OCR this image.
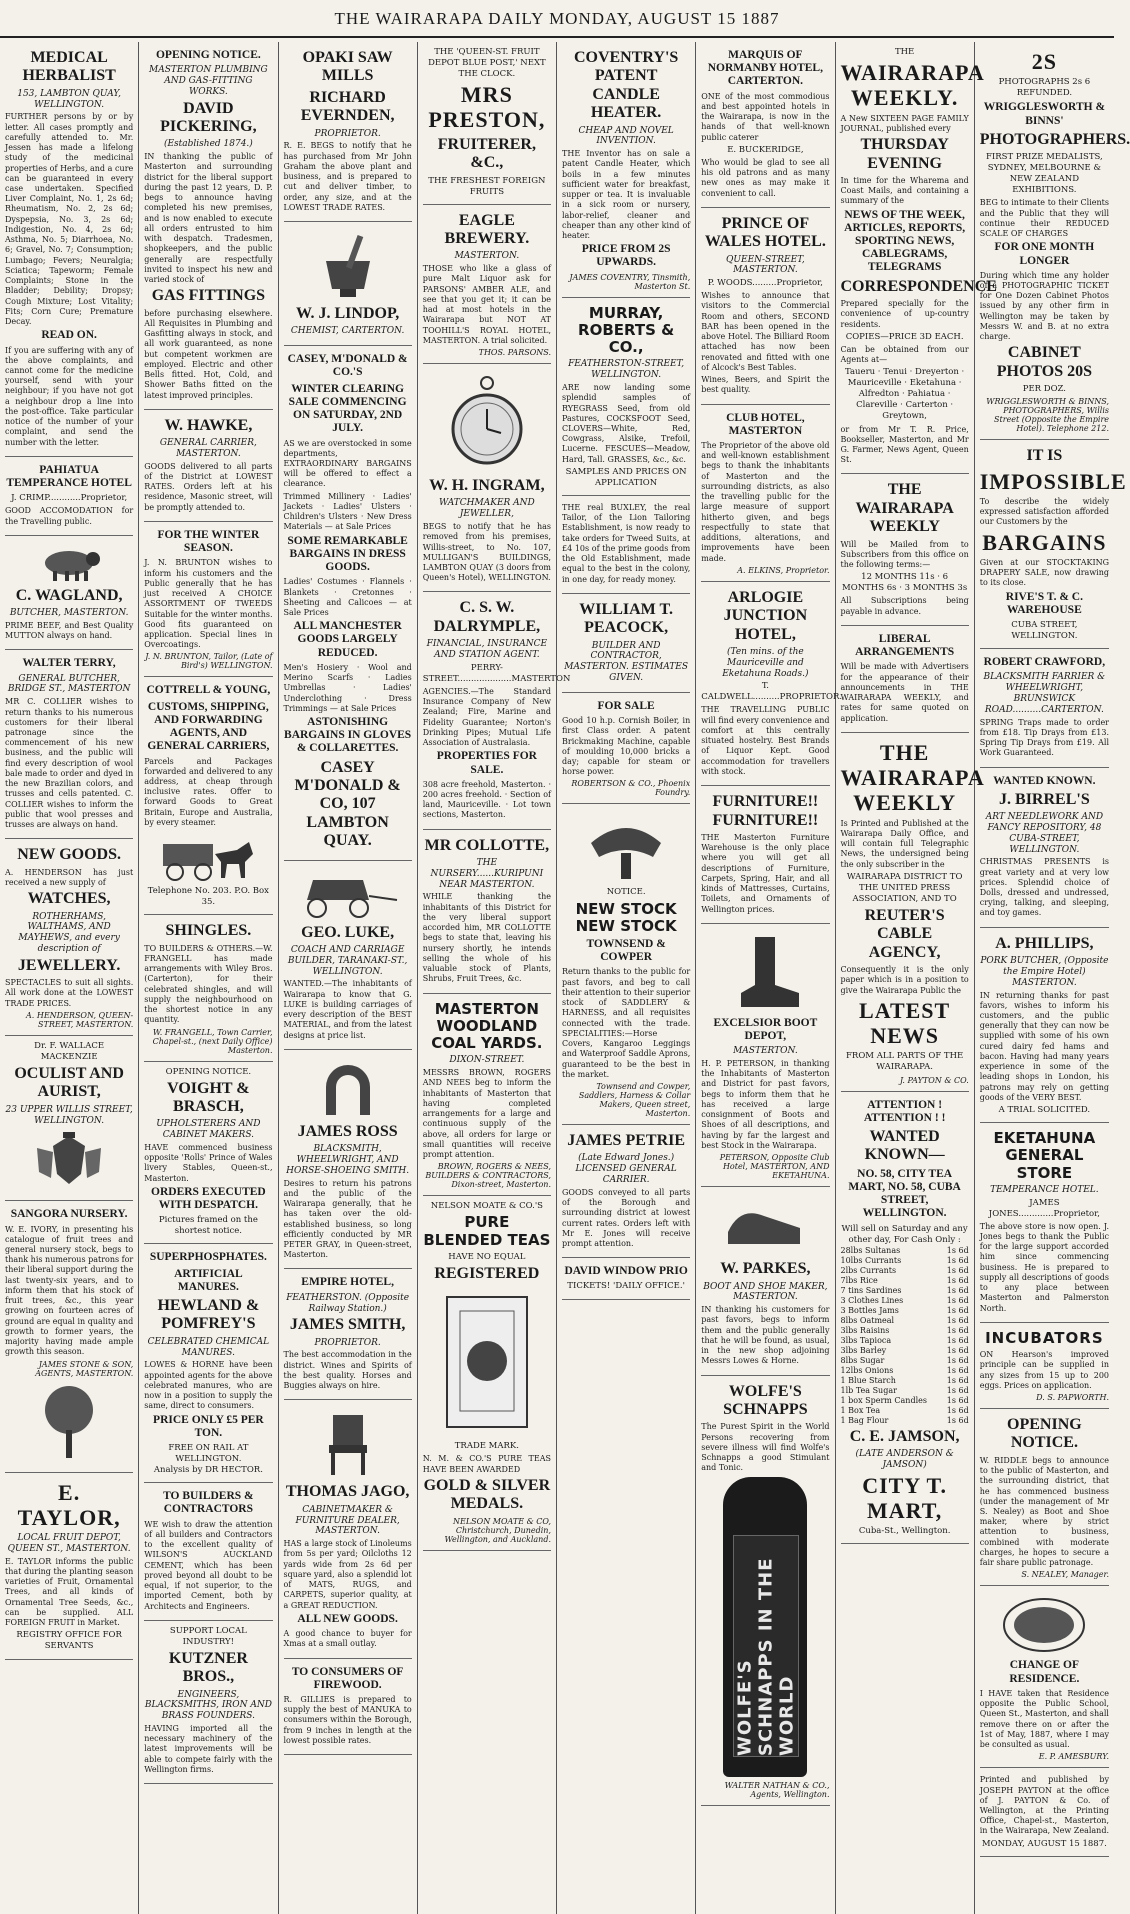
THE WAIRARAPA DAILY MONDAY, AUGUST 15 1887
MEDICAL HERBALIST
153, LAMBTON QUAY, WELLINGTON.
FURTHER persons by or by letter. All cases promptly and carefully attended to. Mr. Jessen has made a lifelong study of the medicinal properties of Herbs, and a cure can be guaranteed in every case undertaken. Specified Liver Complaint, No. 1, 2s 6d; Rheumatism, No. 2, 2s 6d; Dyspepsia, No. 3, 2s 6d; Indigestion, No. 4, 2s 6d; Asthma, No. 5; Diarrhoea, No. 6; Gravel, No. 7; Consumption; Lumbago; Fevers; Neuralgia; Sciatica; Tapeworm; Female Complaints; Stone in the Bladder; Debility; Dropsy; Cough Mixture; Lost Vitality; Fits; Corn Cure; Premature Decay.
READ ON.
If you are suffering with any of the above complaints, and cannot come for the medicine yourself, send with your neighbour; if you have not got a neighbour drop a line into the post-office. Take particular notice of the number of your complaint, and send the number with the letter.
PAHIATUA TEMPERANCE HOTEL
J. CRIMP............Proprietor,
GOOD ACCOMODATION for the Travelling public.
C. WAGLAND,
BUTCHER, MASTERTON.
PRIME BEEF, and Best Quality MUTTON always on hand.
WALTER TERRY,
GENERAL BUTCHER, BRIDGE ST., MASTERTON
MR C. COLLIER wishes to return thanks to his numerous customers for their liberal patronage since the commencement of his new business, and the public will find every description of wool bale made to order and dyed in the new Brazilian colors, and trusses and cells patented. C. COLLIER wishes to inform the public that wool presses and trusses are always on hand.
NEW GOODS.
A. HENDERSON has just received a new supply of
WATCHES,
ROTHERHAMS, WALTHAMS, AND MAYHEWS, and every description of
JEWELLERY.
SPECTACLES to suit all sights. All work done at the LOWEST TRADE PRICES.
A. HENDERSON, QUEEN-STREET, MASTERTON.
Dr. F. WALLACE MACKENZIE
OCULIST AND AURIST,
23 UPPER WILLIS STREET, WELLINGTON.
SANGORA NURSERY.
W. E. IVORY, in presenting his catalogue of fruit trees and general nursery stock, begs to thank his numerous patrons for their liberal support during the last twenty-six years, and to inform them that his stock of fruit trees, &c., this year growing on fourteen acres of ground are equal in quality and growth to former years, the majority having made ample growth this season.
JAMES STONE & SON, AGENTS, MASTERTON.
E. TAYLOR,
LOCAL FRUIT DEPOT, QUEEN ST., MASTERTON.
E. TAYLOR informs the public that during the planting season varieties of Fruit, Ornamental Trees, and all kinds of Ornamental Tree Seeds, &c., can be supplied. ALL FOREIGN FRUIT in Market.
REGISTRY OFFICE FOR SERVANTS
OPENING NOTICE.
MASTERTON PLUMBING AND GAS-FITTING WORKS.
DAVID PICKERING,
(Established 1874.)
IN thanking the public of Masterton and surrounding district for the liberal support during the past 12 years, D. P. begs to announce having completed his new premises, and is now enabled to execute all orders entrusted to him with despatch. Tradesmen, shopkeepers, and the public generally are respectfully invited to inspect his new and varied stock of
GAS FITTINGS
before purchasing elsewhere. All Requisites in Plumbing and Gasfitting always in stock, and all work guaranteed, as none but competent workmen are employed. Electric and other Bells fitted. Hot, Cold, and Shower Baths fitted on the latest improved principles.
W. HAWKE,
GENERAL CARRIER, MASTERTON.
GOODS delivered to all parts of the District at LOWEST RATES. Orders left at his residence, Masonic street, will be promptly attended to.
FOR THE WINTER SEASON.
J. N. BRUNTON wishes to inform his customers and the Public generally that he has just received A CHOICE ASSORTMENT OF TWEEDS Suitable for the winter months. Good fits guaranteed on application. Special lines in Overcoatings.
J. N. BRUNTON, Tailor, (Late of Bird's) WELLINGTON.
COTTRELL & YOUNG,
CUSTOMS, SHIPPING, AND FORWARDING AGENTS, AND GENERAL CARRIERS,
Parcels and Packages forwarded and delivered to any address, at cheap through inclusive rates. Offer to forward Goods to Great Britain, Europe and Australia, by every steamer.
Telephone No. 203. P.O. Box 35.
SHINGLES.
TO BUILDERS & OTHERS.—W. FRANGELL has made arrangements with Wiley Bros. (Carterton), for their celebrated shingles, and will supply the neighbourhood on the shortest notice in any quantity.
W. FRANGELL, Town Carrier, Chapel-st., (next Daily Office) Masterton.
OPENING NOTICE.
VOIGHT & BRASCH,
UPHOLSTERERS AND CABINET MAKERS.
HAVE commenced business opposite 'Rolls' Prince of Wales livery Stables, Queen-st., Masterton.
ORDERS EXECUTED WITH DESPATCH.
Pictures framed on the shortest notice.
SUPERPHOSPHATES.
ARTIFICIAL MANURES.
HEWLAND & POMFREY'S
CELEBRATED CHEMICAL MANURES.
LOWES & HORNE have been appointed agents for the above celebrated manures, who are now in a position to supply the same, direct to consumers.
PRICE ONLY £5 PER TON.
FREE ON RAIL AT WELLINGTON.
Analysis by DR HECTOR.
TO BUILDERS & CONTRACTORS
WE wish to draw the attention of all builders and Contractors to the excellent quality of WILSON'S AUCKLAND CEMENT, which has been proved beyond all doubt to be equal, if not superior, to the imported Cement, both by Architects and Engineers.
SUPPORT LOCAL INDUSTRY!
KUTZNER BROS.,
ENGINEERS, BLACKSMITHS, IRON AND BRASS FOUNDERS.
HAVING imported all the necessary machinery of the latest improvements will be able to compete fairly with the Wellington firms.
OPAKI SAW MILLS
RICHARD EVERNDEN,
PROPRIETOR.
R. E. BEGS to notify that he has purchased from Mr John Graham the above plant and business, and is prepared to cut and deliver timber, to order, any size, and at the LOWEST TRADE RATES.
W. J. LINDOP,
CHEMIST, CARTERTON.
CASEY, M'DONALD & CO.'S
WINTER CLEARING SALE COMMENCING ON SATURDAY, 2ND JULY.
AS we are overstocked in some departments, EXTRAORDINARY BARGAINS will be offered to effect a clearance.
Trimmed Millinery · Ladies' Jackets · Ladies' Ulsters · Children's Ulsters · New Dress Materials — at Sale Prices
SOME REMARKABLE BARGAINS IN DRESS GOODS.
Ladies' Costumes · Flannels · Blankets · Cretonnes · Sheeting and Calicoes — at Sale Prices
ALL MANCHESTER GOODS LARGELY REDUCED.
Men's Hosiery · Wool and Merino Scarfs · Ladies Umbrellas · Ladies' Underclothing · Dress Trimmings — at Sale Prices
ASTONISHING BARGAINS IN GLOVES & COLLARETTES.
CASEY M'DONALD & CO, 107 LAMBTON QUAY.
GEO. LUKE,
COACH AND CARRIAGE BUILDER, TARANAKI-ST., WELLINGTON.
WANTED.—The inhabitants of Wairarapa to know that G. LUKE is building carriages of every description of the BEST MATERIAL, and from the latest designs at price list.
JAMES ROSS
BLACKSMITH, WHEELWRIGHT, AND HORSE-SHOEING SMITH.
Desires to return his patrons and the public of the Wairarapa generally, that he has taken over the old-established business, so long efficiently conducted by MR PETER GRAY, in Queen-street, Masterton.
EMPIRE HOTEL,
FEATHERSTON. (Opposite Railway Station.)
JAMES SMITH,
PROPRIETOR.
The best accommodation in the district. Wines and Spirits of the best quality. Horses and Buggies always on hire.
THOMAS JAGO,
CABINETMAKER & FURNITURE DEALER, MASTERTON.
HAS a large stock of Linoleums from 5s per yard; Oilcloths 12 yards wide from 2s 6d per square yard, also a splendid lot of MATS, RUGS, and CARPETS, superior quality, at a GREAT REDUCTION.
ALL NEW GOODS.
A good chance to buyer for Xmas at a small outlay.
TO CONSUMERS OF FIREWOOD.
R. GILLIES is prepared to supply the best of MANUKA to consumers within the Borough, from 9 inches in length at the lowest possible rates.
THE 'QUEEN-ST. FRUIT DEPOT BLUE POST,' NEXT THE CLOCK.
MRS PRESTON,
FRUITERER, &C.,
THE FRESHEST FOREIGN FRUITS
EAGLE BREWERY.
MASTERTON.
THOSE who like a glass of pure Malt Liquor ask for PARSONS' AMBER ALE, and see that you get it; it can be had at most hotels in the Wairarapa but NOT AT TOOHILL'S ROYAL HOTEL, MASTERTON. A trial solicited.
THOS. PARSONS.
W. H. INGRAM,
WATCHMAKER AND JEWELLER,
BEGS to notify that he has removed from his premises, Willis-street, to No. 107, MULLIGAN'S BUILDINGS, LAMBTON QUAY (3 doors from Queen's Hotel), WELLINGTON.
C. S. W. DALRYMPLE,
FINANCIAL, INSURANCE AND STATION AGENT.
PERRY-STREET....................MASTERTON
AGENCIES.—The Standard Insurance Company of New Zealand; Fire, Marine and Fidelity Guarantee; Norton's Drinking Pipes; Mutual Life Association of Australasia.
PROPERTIES FOR SALE.
308 acre freehold, Masterton. · 200 acres freehold. · Section of land, Mauriceville. · Lot town sections, Masterton.
MR COLLOTTE,
THE NURSERY......KURIPUNI NEAR MASTERTON.
WHILE thanking the inhabitants of this District for the very liberal support accorded him, MR COLLOTTE begs to state that, leaving his nursery shortly, he intends selling the whole of his valuable stock of Plants, Shrubs, Fruit Trees, &c.
MASTERTON WOODLAND COAL YARDS.
DIXON-STREET.
MESSRS BROWN, ROGERS AND NEES beg to inform the inhabitants of Masterton that having completed arrangements for a large and continuous supply of the above, all orders for large or small quantities will receive prompt attention.
BROWN, ROGERS & NEES, BUILDERS & CONTRACTORS, Dixon-street, Masterton.
NELSON MOATE & CO.'S
PURE BLENDED TEAS
HAVE NO EQUAL
REGISTERED
TRADE MARK.
N. M. & CO.'S PURE TEAS HAVE BEEN AWARDED
GOLD & SILVER MEDALS.
NELSON MOATE & CO, Christchurch, Dunedin, Wellington, and Auckland.
COVENTRY'S PATENT CANDLE HEATER.
CHEAP AND NOVEL INVENTION.
THE Inventor has on sale a patent Candle Heater, which boils in a few minutes sufficient water for breakfast, supper or tea. It is invaluable in a sick room or nursery, labor-relief, cleaner and cheaper than any other kind of heater.
PRICE FROM 2S UPWARDS.
JAMES COVENTRY, Tinsmith, Masterton St.
MURRAY, ROBERTS & CO.,
FEATHERSTON-STREET, WELLINGTON.
ARE now landing some splendid samples of RYEGRASS Seed, from old Pastures, COCKSFOOT Seed, CLOVERS—White, Red, Cowgrass, Alsike, Trefoil, Lucerne. FESCUES—Meadow, Hard, Tall. GRASSES, &c., &c.
SAMPLES AND PRICES ON APPLICATION
THE real BUXLEY, the real Tailor, of the Lion Tailoring Establishment, is now ready to take orders for Tweed Suits, at £4 10s of the prime goods from the Old Establishment, made equal to the best in the colony, in one day, for ready money.
WILLIAM T. PEACOCK,
BUILDER AND CONTRACTOR, MASTERTON. ESTIMATES GIVEN.
FOR SALE
Good 10 h.p. Cornish Boiler, in first Class order. A patent Brickmaking Machine, capable of moulding 10,000 bricks a day; capable for steam or horse power.
ROBERTSON & CO., Phoenix Foundry.
NOTICE.
NEW STOCK NEW STOCK
TOWNSEND & COWPER
Return thanks to the public for past favors, and beg to call their attention to their superior stock of SADDLERY & HARNESS, and all requisites connected with the trade. SPECIALITIES:—Horse Covers, Kangaroo Leggings and Waterproof Saddle Aprons, guaranteed to be the best in the market.
Townsend and Cowper, Saddlers, Harness & Collar Makers, Queen street, Masterton.
JAMES PETRIE
(Late Edward Jones.) LICENSED GENERAL CARRIER.
GOODS conveyed to all parts of the Borough and surrounding district at lowest current rates. Orders left with Mr E. Jones will receive prompt attention.
DAVID WINDOW PRIO
TICKETS! 'DAILY OFFICE.'
MARQUIS OF NORMANBY HOTEL, CARTERTON.
ONE of the most commodious and best appointed hotels in the Wairarapa, is now in the hands of that well-known public caterer
E. BUCKERIDGE,
Who would be glad to see all his old patrons and as many new ones as may make it convenient to call.
PRINCE OF WALES HOTEL.
QUEEN-STREET, MASTERTON.
P. WOODS.........Proprietor,
Wishes to announce that visitors to the Commercial Room and others, SECOND BAR has been opened in the above Hotel. The Billiard Room attached has now been renovated and fitted with one of Alcock's Best Tables.
Wines, Beers, and Spirit the best quality.
CLUB HOTEL, MASTERTON
The Proprietor of the above old and well-known establishment begs to thank the inhabitants of Masterton and the surrounding districts, as also the travelling public for the large measure of support hitherto given, and begs respectfully to state that additions, alterations, and improvements have been made.
A. ELKINS, Proprietor.
ARLOGIE JUNCTION HOTEL,
(Ten mins. of the Mauriceville and Eketahuna Roads.)
T. CALDWELL..........PROPRIETOR.
THE TRAVELLING PUBLIC will find every convenience and comfort at this centrally situated hostelry. Best Brands of Liquor Kept. Good accommodation for travellers with stock.
FURNITURE!! FURNITURE!!
THE Masterton Furniture Warehouse is the only place where you will get all descriptions of Furniture, Carpets, Spring, Hair, and all kinds of Mattresses, Curtains, Toilets, and Ornaments of Wellington prices.
EXCELSIOR BOOT DEPOT,
MASTERTON.
H. P. PETERSON, in thanking the Inhabitants of Masterton and District for past favors, begs to inform them that he has received a large consignment of Boots and Shoes of all descriptions, and having by far the largest and best Stock in the Wairarapa.
PETERSON, Opposite Club Hotel, MASTERTON, AND EKETAHUNA.
W. PARKES,
BOOT AND SHOE MAKER, MASTERTON.
IN thanking his customers for past favors, begs to inform them and the public generally that he will be found, as usual, in the new shop adjoining Messrs Lowes & Horne.
WOLFE'S SCHNAPPS
The Purest Spirit in the World Persons recovering from severe illness will find Wolfe's Schnapps a good Stimulant and Tonic.
WOLFE'S SCHNAPPS IN THE WORLD
WALTER NATHAN & CO., Agents, Wellington.
THE
WAIRARAPA WEEKLY.
A New SIXTEEN PAGE FAMILY JOURNAL, published every
THURSDAY EVENING
In time for the Wharema and Coast Mails, and containing a summary of the
NEWS OF THE WEEK, ARTICLES, REPORTS, SPORTING NEWS, CABLEGRAMS, TELEGRAMS
CORRESPONDENCE
Prepared specially for the convenience of up-country residents.
COPIES—PRICE 3D EACH.
Can be obtained from our Agents at—
Taueru · Tenui · Dreyerton · Mauriceville · Eketahuna · Alfredton · Pahiatua · Clareville · Carterton · Greytown,
or from Mr T. R. Price, Bookseller, Masterton, and Mr G. Farmer, News Agent, Queen St.
THE WAIRARAPA WEEKLY
Will be Mailed from to Subscribers from this office on the following terms:—
12 MONTHS 11s · 6 MONTHS 6s · 3 MONTHS 3s
All Subscriptions being payable in advance.
LIBERAL ARRANGEMENTS
Will be made with Advertisers for the appearance of their announcements in THE WAIRARAPA WEEKLY, and rates for same quoted on application.
THE WAIRARAPA WEEKLY
Is Printed and Published at the Wairarapa Daily Office, and will contain full Telegraphic News, the undersigned being the only subscriber in the
WAIRARAPA DISTRICT TO THE UNITED PRESS ASSOCIATION, AND TO
REUTER'S CABLE AGENCY,
Consequently it is the only paper which is in a position to give the Wairarapa Public the
LATEST NEWS
FROM ALL PARTS OF THE WAIRARAPA.
J. PAYTON & CO.
ATTENTION ! ATTENTION ! !
WANTED KNOWN—
NO. 58, CITY TEA MART, NO. 58, CUBA STREET, WELLINGTON.
Will sell on Saturday and any other day, For Cash Only :
28lbs Sultanas	1s 6d
10lbs Currants	1s 6d
2lbs Currants	1s 6d
7lbs Rice	1s 6d
7 tins Sardines	1s 6d
3 Clothes Lines	1s 6d
3 Bottles Jams	1s 6d
8lbs Oatmeal	1s 6d
3lbs Raisins	1s 6d
3lbs Tapioca	1s 6d
3lbs Barley	1s 6d
8lbs Sugar	1s 6d
12lbs Onions	1s 6d
1 Blue Starch	1s 6d
1lb Tea Sugar	1s 6d
1 box Sperm Candles	1s 6d
1 Box Tea	1s 6d
1 Bag Flour	1s 6d
C. E. JAMSON,
(LATE ANDERSON & JAMSON)
CITY T. MART,
Cuba-St., Wellington.
2S
PHOTOGRAPHS 2s 6 REFUNDED.
WRIGGLESWORTH & BINNS'
PHOTOGRAPHERS.
FIRST PRIZE MEDALISTS, SYDNEY, MELBOURNE & NEW ZEALAND EXHIBITIONS.
BEG to intimate to their Clients and the Public that they will continue their REDUCED SCALE OF CHARGES
FOR ONE MONTH LONGER
During which time any holder of a PHOTOGRAPHIC TICKET for One Dozen Cabinet Photos issued by any other firm in Wellington may be taken by Messrs W. and B. at no extra charge.
CABINET PHOTOS 20S
PER DOZ.
WRIGGLESWORTH & BINNS, PHOTOGRAPHERS, Willis Street (Opposite the Empire Hotel). Telephone 212.
IT IS
IMPOSSIBLE
To describe the widely expressed satisfaction afforded our Customers by the
BARGAINS
Given at our STOCKTAKING DRAPERY SALE, now drawing to its close.
RIVE'S T. & C. WAREHOUSE
CUBA STREET, WELLINGTON.
ROBERT CRAWFORD,
BLACKSMITH FARRIER & WHEELWRIGHT, BRUNSWICK ROAD..........CARTERTON.
SPRING Traps made to order from £18. Tip Drays from £13. Spring Tip Drays from £19. All Work Guaranteed.
WANTED KNOWN.
J. BIRREL'S
ART NEEDLEWORK AND FANCY REPOSITORY, 48 CUBA-STREET, WELLINGTON.
CHRISTMAS PRESENTS is great variety and at very low prices. Splendid choice of Dolls, dressed and undressed, crying, talking, and sleeping, and toy games.
A. PHILLIPS,
PORK BUTCHER, (Opposite the Empire Hotel) MASTERTON.
IN returning thanks for past favors, wishes to inform his customers, and the public generally that they can now be supplied with some of his own cured dairy fed hams and bacon. Having had many years experience in some of the leading shops in London, his patrons may rely on getting goods of the VERY BEST.
A TRIAL SOLICITED.
EKETAHUNA GENERAL STORE
TEMPERANCE HOTEL.
JAMES JONES.............Proprietor,
The above store is now open. J. Jones begs to thank the Public for the large support accorded him since commencing business. He is prepared to supply all descriptions of goods to any place between Masterton and Palmerston North.
INCUBATORS
ON Hearson's improved principle can be supplied in any sizes from 15 up to 200 eggs. Prices on application.
D. S. PAPWORTH.
OPENING NOTICE.
W. RIDDLE begs to announce to the public of Masterton, and the surrounding district, that he has commenced business (under the management of Mr S. Nealey) as Boot and Shoe maker, where by strict attention to business, combined with moderate charges, he hopes to secure a fair share public patronage.
S. NEALEY, Manager.
CHANGE OF RESIDENCE.
I HAVE taken that Residence opposite the Public School, Queen St., Masterton, and shall remove there on or after the 1st of May, 1887, where I may be consulted as usual.
E. P. AMESBURY.
Printed and published by JOSEPH PAYTON at the office of J. PAYTON & Co. of Wellington, at the Printing Office, Chapel-st., Masterton, in the Wairarapa, New Zealand.
MONDAY, AUGUST 15 1887.
